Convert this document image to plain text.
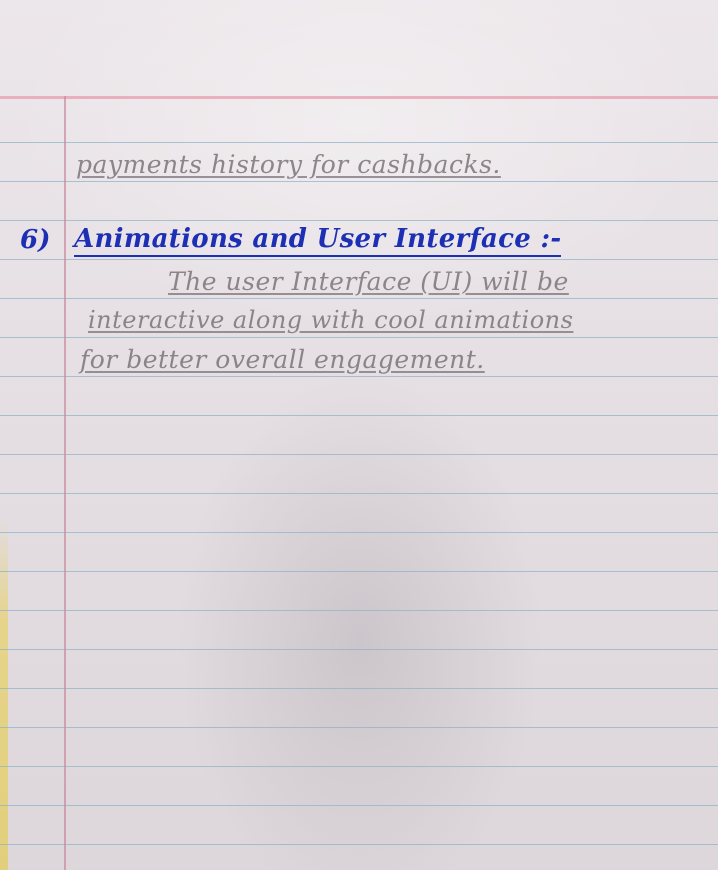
payments history for cashbacks.
6) Animations and User Interface :-
The user Interface (UI) will be
interactive along with cool animations
for better overall engagement.
